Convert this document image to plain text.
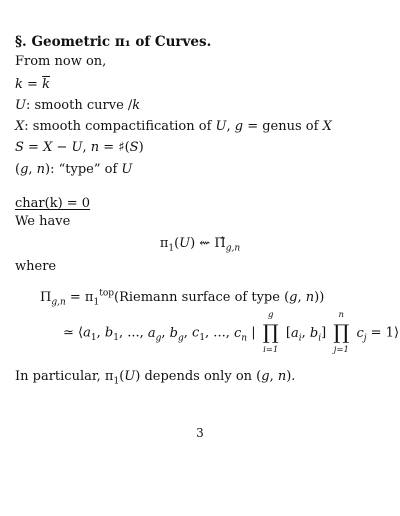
§. Geometric π₁ of Curves.
From now on,
$k = \overline{k}$
U: smooth curve /k
X: smooth compactification of U, g = genus of X
S = X − U, n = ♯(S)
(g, n): “type” of U
char(k) = 0
We have
$\pi_1(U)$ ⇜ $\Pî_{g,n}$
where
$\Pi_{g,n}$ = $\pi_1^{top}(Riemann$ surface of type (g, n))
≃ $⟨a_1$, $b_1$, ..., $a_g$, $b_g$, $c_1$, ..., $c_n$ |
g
∏
i=1
[$a_i$, $b_i$]
n
∏
j=1
$c_j$ = 1⟩
In particular, $\pi_1(U)$ depends only on (g, n).
3
